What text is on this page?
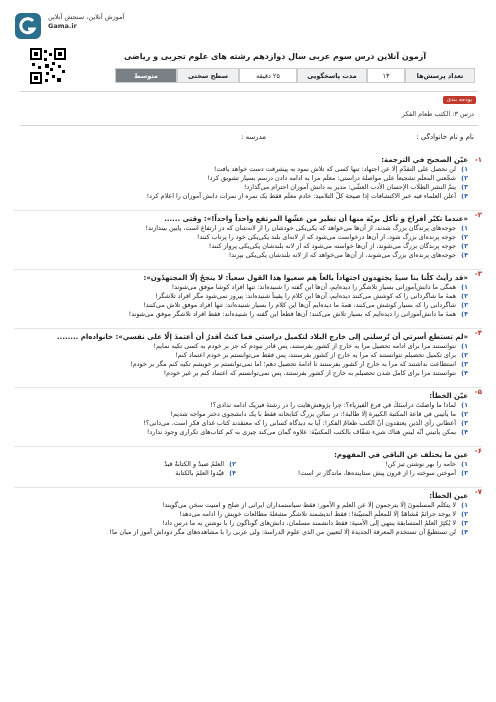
آموزش آنلاین، سنجش آنلاین
Gama.ir
آزمون آنلاین درس سوم عربی سال دوازدهم رشته های علوم تجربی و ریاضی
تعداد پرسش‌ها
۱۳
مدت پاسخگویی
۲۵ دقیقه
سطح سختی
متوسط
بودجه بندی
درس ۳: الکثب طعام الفکر
نام و نام خانوادگی :
مدرسه :
۱-
عيّن الصحيح في الترجمة:
۱)
لن نحصل على التقدّم إلّا عن اجتهاد: تنها کسی که تلاش نمود به پیشرفت دست خواهد یافت!
۲)
شجّعني المعلّم تشجيعاً على مواصلة دراستي: معلّم مرا به ادامه دادن درسم بسیار تشویق کرد!
۳)
يتمّ النشر الطلّاب الإحسان الأدب العشّي: مدیر به دانش آموزان احترام می‌گذارد!
۴)
أعلن العلماء فيه خبر الاكتشافات إذا صيحة كلّ التلاميذ: خادم معلّم فقط يک نمره از نمرات دانش آموزان را اعلام کرد!
۲-
«عندما تكبّر أفراخ و تأكل بريّة منها أن تطير من عشّها المرتفع واحداً واحداً!»: وقتی ......
۱)
جوجه‌های پرندگان بزرگ شدند، از آن‌ها می‌خواهد که یکی‌یکی خودشان را از لانه‌شان که در ارتفاع است، پایین بیندازند!
۲)
جوجه پرنده‌ای بزرگ شود، از آن‌ها درخواست می‌شود که از لانه‌ای بلند یکی‌یکی خود را پرتاب کنند!
۳)
جوجه پرندگان بزرگ می‌شوند، از آن‌ها خواسته می‌شود که از لانه بلندشان یکی‌یکی پرواز کنند!
۴)
جوجه‌های پرنده‌ای بزرگ می‌شوند، از آن‌ها می‌خواهد که از لانه بلندشان یکی‌یکی بپرند!
۳-
«قد رأيتُ كلّنا بنا سيدُ يجتهدون اجتهاداً بالغاً هم سعيوا هذا القول سعياً: لا ينجحُ إلّا المجتهدُون»:
۱)
همگی ما دانش‌آموزانی بسیار تلاشگر را دیده‌ایم، آن‌ها این گفته را شنیده‌اند: تنها افراد کوشا موفق می‌شوند!
۲)
همهٔ ما شاگردانی را که کوشش می‌کنند دیده‌ایم، آن‌ها این کلام را یقیناً شنیده‌اند: پیروز نمی‌شود مگر افراد تلاشگر!
۳)
شاگردانی را که بسیار کوشش می‌کنند، همهٔ ما دیده‌ایم آن‌ها این کلام را بسیار شنیده‌اند: تنها افراد موفق تلاش می‌کنند!
۴)
همهٔ ما دانش‌آموزانی را دیده‌ایم که بسیار تلاش می‌کنند؛ آن‌ها قطعاً این گفته را شنیده‌اند: فقط افراد تلاشگر موفق می‌شوند!
۴-
«لم تستطع أسرتي أن تُرسلني إلى خارج البلاد لتكميل دراستي فما كنتُ أقدرُ أن أعتمدَ إلّا على نفسي»: خانواده‌ام ........
۱)
نتوانستند مرا برای ادامه تحصیل مرا به خارج از کشور بفرستند، پس قادر نبودم که جز بر خودم به کسی تکیه نمایم!
۲)
برای تکمیل تحصیلم نتوانستند که مرا به خارج از کشور بفرستند، پس فقط می‌توانستم بر خودم اعتماد کنم!
۳)
استطاعت نداشتند که مرا به خارج از کشور بفرستند تا ادامهٔ تحصیل دهم؛ اما نمی‌توانستم بر خویشم تکیه کنم مگر بر خودم!
۴)
نتوانستند مرا برای کامل شدن تحصیلم به خارج از کشور بفرستند، پس نمی‌توانستم که اعتماد کنم بر غیر خودم!
۵-
عيّن الخطأ:
۱)
لماذا ما واصلتَ دراستَكَ في فرع الفيزياء؟: چرا پژوهش‌هایت را در رشتهٔ فیزیک ادامه ندادی؟!
۲)
ما يأتيني في قاعة المكتبة الكبيرة إلّا طالبة!: در سالن بزرگ کتابخانه فقط با یک دانشجوی دختر مواجه شدیم!
۳)
أعطاني رأي الّذين يعتقدون أنّ الكتب طعامٌ الفكر!: آیا به دیدگاه کسانی را که معتقدند کتاب غذای فکر است، می‌دانی؟!
۴)
يمكن يأتيني أنّه ليس هناك شيء شفّاف بالكتب المكتبيّة: علاوه گمان می‌کند چیزی به کم کتاب‌های تکراری وجود ندارد!
۶-
عين ما يختلف عن الباقي في المفهوم:
۱)
خامه را بهر نوشتن تیز کن!
۲)
العلمُ صيدٌ و الكتابةُ قيدٌ
۳)
آموختن سوخته را از قرون پیش ستاینده‌ها، ماندگار تر است!
۴)
قيّدوا العلمَ بالكتابة
۷-
عين الخطأ:
۱)
لا يتكلّم المسلمونَ إلّا يترجمون إلّا عن العلم و الأمور: فقط سیاستمداران ایرانی از صلح و امنیت سخن می‌گویند!
۲)
لا يوجد جرائمٌ مُشاهَدٌ إلّا للمعلّمِ المتبيّنة!: فقط اندیشمند تلاشگر مشغلهٔ مطالعات خویش را ادامه می‌دهد!
۳)
لا يُكثِرُ العلمُ المتسابقة ينتهي إلى الأمنية: فقط دانشمند مسلمان، دانش‌های گوناگون را با نوشتن به ما درس داد!
۴)
لن تستطيعُ أن تستخدم المعرفة الجديدة إلّا لتعيين من الذي علوم الدراسة: ولی عربی را با مشاهده‌های مگر دوداش آموز از میان ما!
